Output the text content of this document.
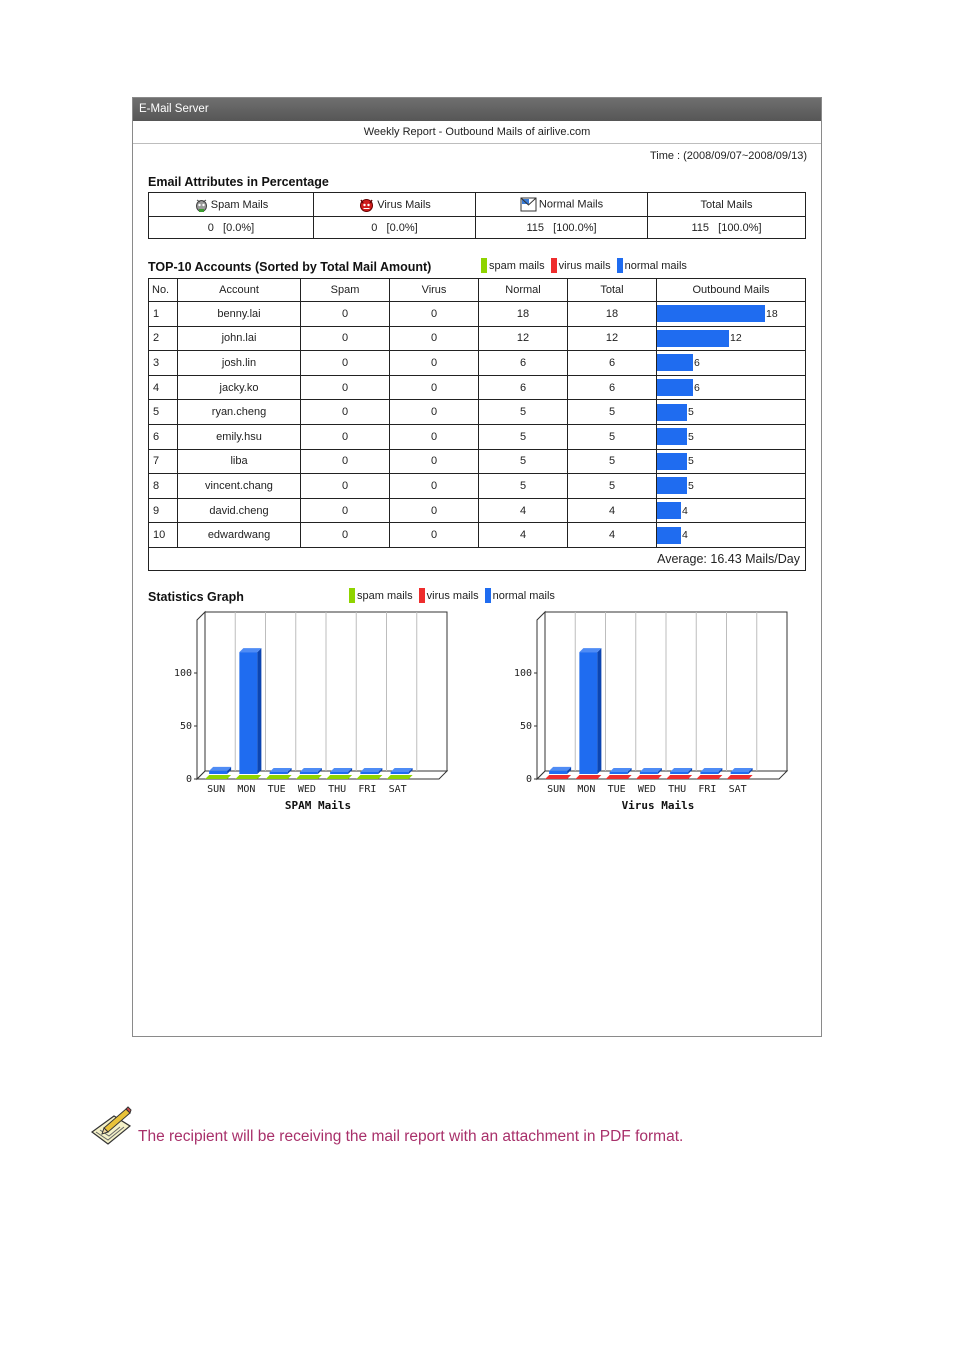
E-Mail Server
Weekly Report - Outbound Mails of airlive.com
Time : (2008/09/07~2008/09/13)
Email Attributes in Percentage
Spam Mails	Virus Mails	Normal Mails	Total Mails
0   [0.0%]	0   [0.0%]	115   [100.0%]	115   [100.0%]
TOP-10 Accounts (Sorted by Total Mail Amount)	spam mails virus mails normal mails
No.	Account	Spam	Virus	Normal	Total	Outbound Mails
1	benny.lai	0	0	18	18	18

2	john.lai	0	0	12	12	12

3	josh.lin	0	0	6	6	6

4	jacky.ko	0	0	6	6	6

5	ryan.cheng	0	0	5	5	5

6	emily.hsu	0	0	5	5	5

7	liba	0	0	5	5	5

8	vincent.chang	0	0	5	5	5

9	david.cheng	0	0	4	4	4

10	edwardwang	0	0	4	4	4

Average: 16.43 Mails/Day						
Statistics Graph	spam mails virus mails normal mails
0
50
100
SUN MON TUE WED THU FRI SAT
SPAM Mails
0
50
100
SUN MON TUE WED THU FRI SAT
Virus Mails
The recipient will be receiving the mail report with an attachment in PDF format.
